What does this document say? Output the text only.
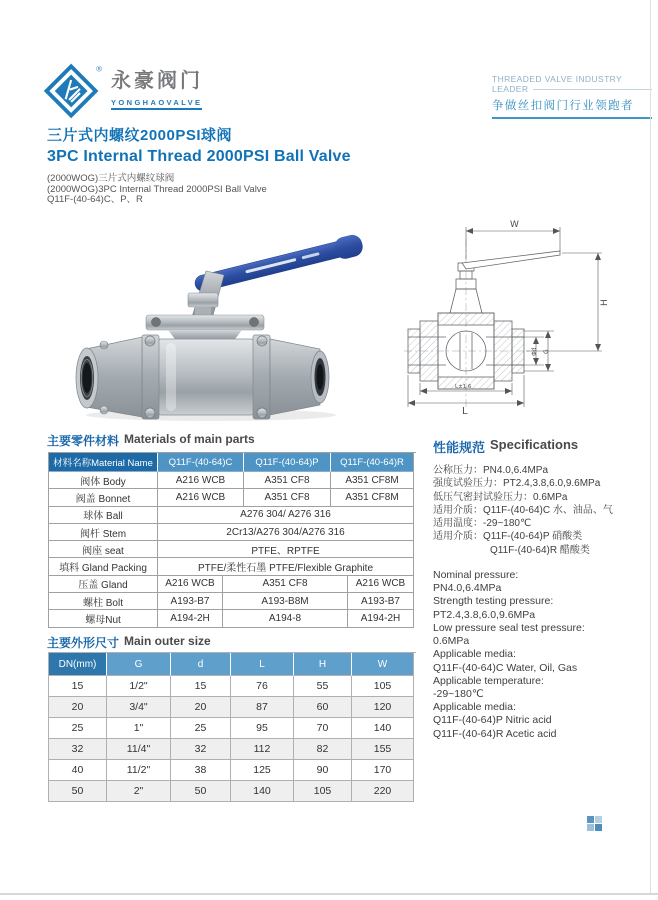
®
永豪阀门
YONGHAOVALVE
THREADED VALVE INDUSTRY
LEADER
争做丝扣阀门行业领跑者
三片式内螺纹2000PSI球阀
3PC Internal Thread 2000PSI Ball Valve
(2000WOG)三片式内螺纹球阀
(2000WOG)3PC Internal Thread 2000PSI Ball Valve
Q11F-(40-64)C、P、R
W
H
Φd G
L±1.6
L
主要零件材料 Materials of main parts
材料名称Material Name	Q11F-(40-64)C	Q11F-(40-64)P	Q11F-(40-64)R
阀体 Body	A216 WCB	A351 CF8	A351 CF8M
阀盖 Bonnet	A216 WCB	A351 CF8	A351 CF8M
球体 Ball	A276 304/ A276 316
阀杆 Stem	2Cr13/A276 304/A276 316
阀座 seat	PTFE、RPTFE
填料 Gland Packing	PTFE/柔性石墨 PTFE/Flexible Graphite
压盖 Gland	A216 WCB	A351 CF8	A216 WCB
螺柱 Bolt	A193-B7	A193-B8M	A193-B7
螺母Nut	A194-2H	A194-8	A194-2H
主要外形尺寸 Main outer size
DN(mm)	G	d	L	H	W
15	1/2"	15	76	55	105
20	3/4"	20	87	60	120
25	1"	25	95	70	140
32	11/4"	32	112	82	155
40	11/2"	38	125	90	170
50	2"	50	140	105	220
性能规范 Specifications
公称压力：PN4.0,6.4MPa
强度试验压力：PT2.4,3.8,6.0,9.6MPa
低压气密封试验压力：0.6MPa
适用介质：Q11F-(40-64)C 水、油品、气
适用温度：-29~180℃
适用介质：Q11F-(40-64)P 硝酸类
Q11F-(40-64)R 醋酸类
Nominal pressure:
PN4.0,6.4MPa
Strength testing pressure:
PT2.4,3.8,6.0,9.6MPa
Low pressure seal test pressure:
0.6MPa
Applicable media:
Q11F-(40-64)C Water, Oil, Gas
Applicable temperature:
-29~180℃
Applicable media:
Q11F-(40-64)P Nitric acid
Q11F-(40-64)R Acetic acid
